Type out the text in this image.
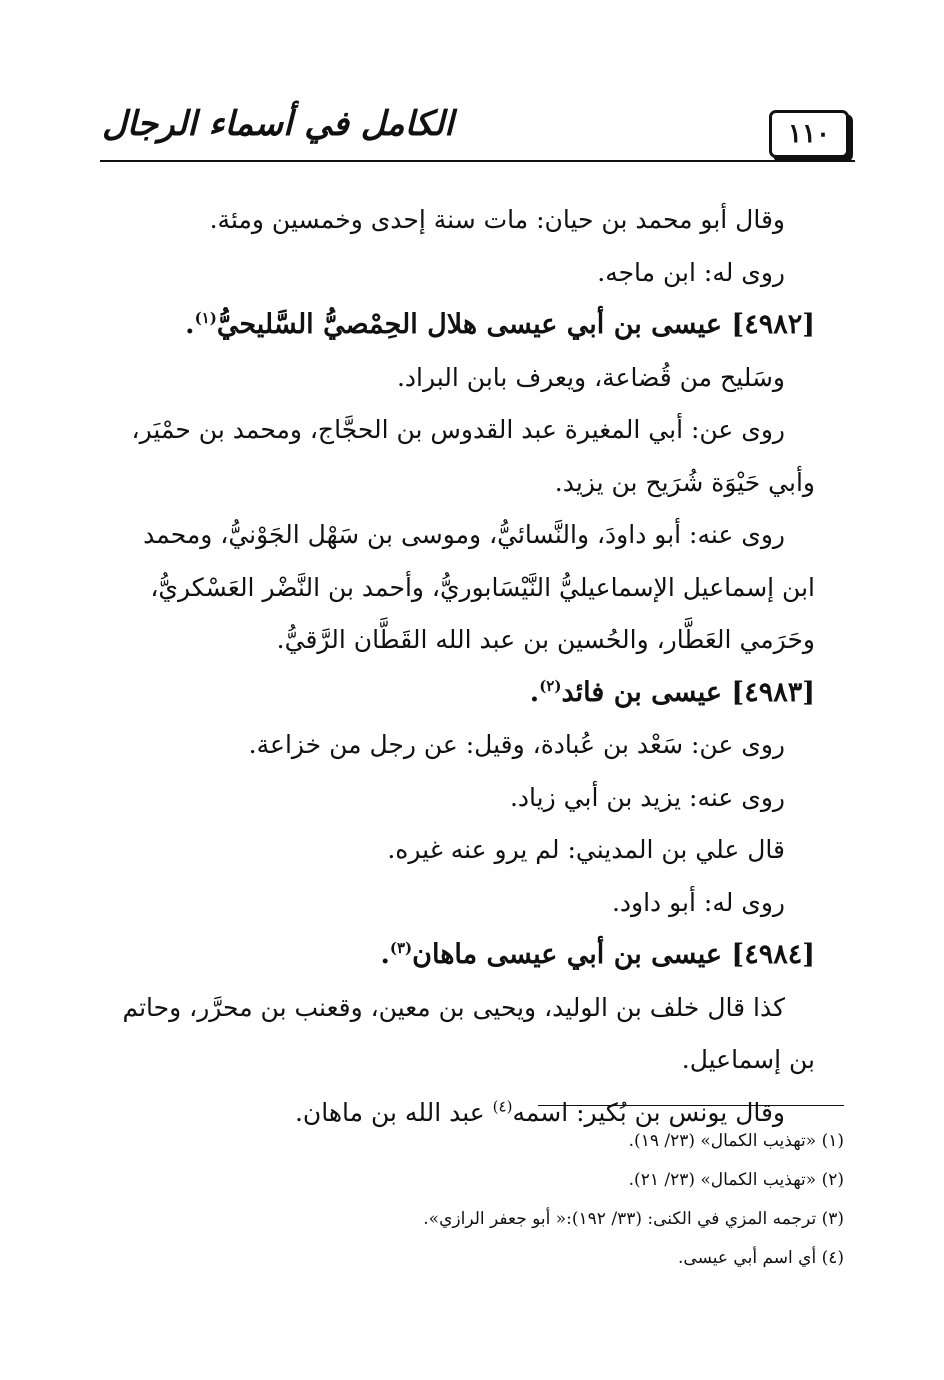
الكامل في أسماء الرجال	١١٠

وقال أبو محمد بن حيان: مات سنة إحدى وخمسين ومئة.

روى له: ابن ماجه.

[٤٩٨٢] عيسى بن أبي عيسى هلال الحِمْصيُّ السَّليحيُّ$^{(١)}$.

وسَليح من قُضاعة، ويعرف بابن البراد.

روى عن: أبي المغيرة عبد القدوس بن الحجَّاج، ومحمد بن حمْيَر،

وأبي حَيْوَة شُرَيح بن يزيد.

روى عنه: أبو داودَ، والنَّسائيُّ، وموسى بن سَهْل الجَوْنيُّ، ومحمد

ابن إسماعيل الإسماعيليُّ النَّيْسَابوريُّ، وأحمد بن النَّضْر العَسْكريُّ،

وحَرَمي العَطَّار، والحُسين بن عبد الله القَطَّان الرَّقيُّ.

[٤٩٨٣] عيسى بن فائد$^{(٢)}$.

روى عن: سَعْد بن عُبادة، وقيل: عن رجل من خزاعة.

روى عنه: يزيد بن أبي زياد.

قال علي بن المديني: لم يرو عنه غيره.

روى له: أبو داود.

[٤٩٨٤] عيسى بن أبي عيسى ماهان$^{(٣)}$.

كذا قال خلف بن الوليد، ويحيى بن معين، وقعنب بن محرَّر، وحاتم

بن إسماعيل.

وقال يونس بن بُكير: اسمه$^{(٤)}$ عبد الله بن ماهان.

(١) «تهذيب الكمال» (٢٣/ ١٩).

(٢) «تهذيب الكمال» (٢٣/ ٢١).

(٣) ترجمه المزي في الكنى: (٣٣/ ١٩٢):« أبو جعفر الرازي».

(٤) أي اسم أبي عيسى.
